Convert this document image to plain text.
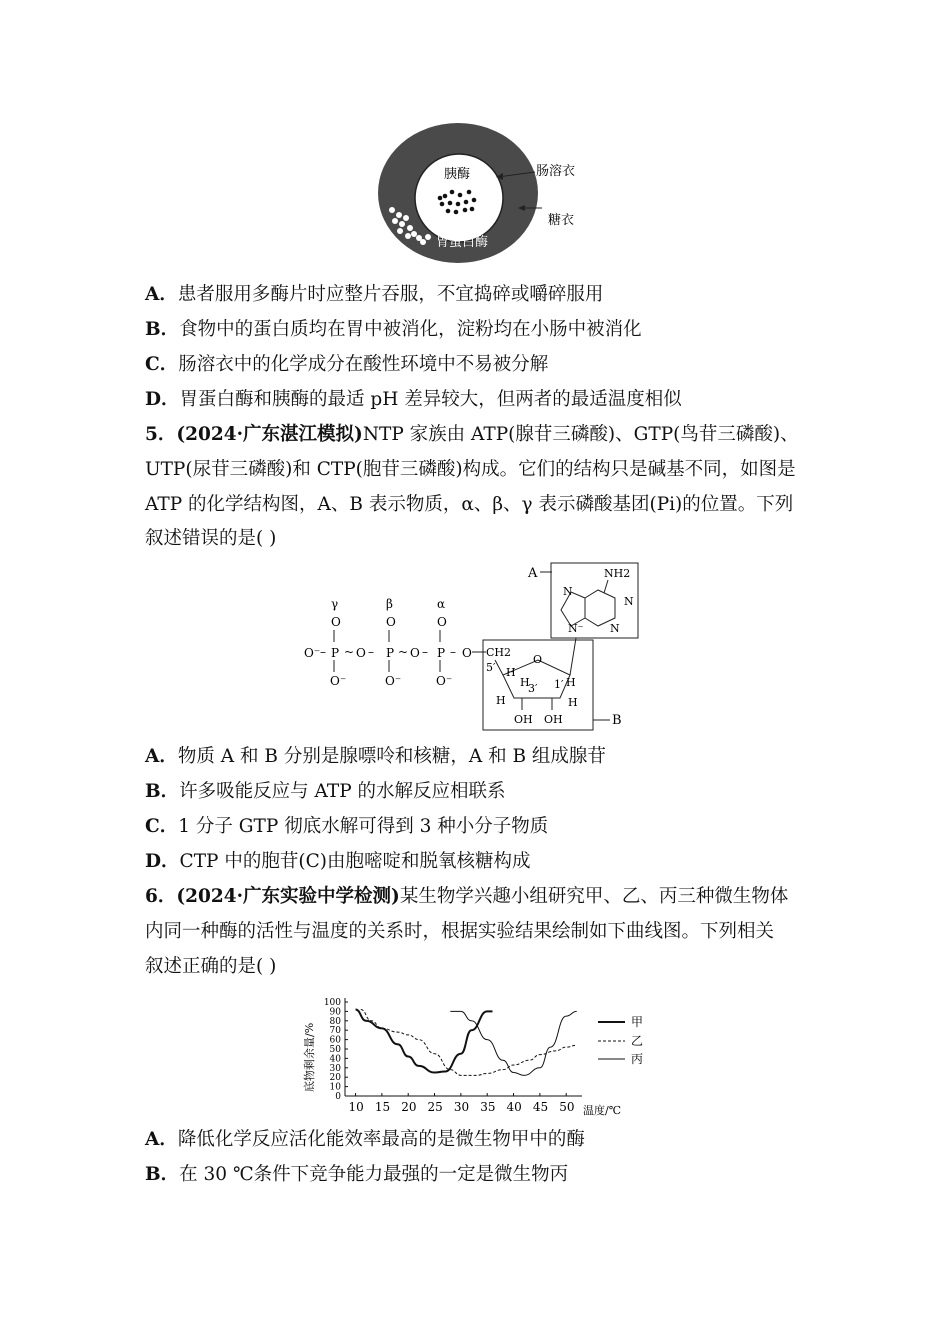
胰酶
胃蛋白酶
肠溶衣
糖衣
A．患者服用多酶片时应整片吞服，不宜捣碎或嚼碎服用
B．食物中的蛋白质均在胃中被消化，淀粉均在小肠中被消化
C．肠溶衣中的化学成分在酸性环境中不易被分解
D．胃蛋白酶和胰酶的最适 pH 差异较大，但两者的最适温度相似
5．(2024·广东湛江模拟)NTP 家族由 ATP(腺苷三磷酸)、GTP(鸟苷三磷酸)、
UTP(尿苷三磷酸)和 CTP(胞苷三磷酸)构成。它们的结构只是碱基不同，如图是
ATP 的化学结构图，A、B 表示物质，α、β、γ 表示磷酸基团(Pi)的位置。下列
叙述错误的是( )
A	NH2
N
N
N
N⁻
B
O
CH2
5′
3′ 1′
H
H	H
H	H
OH OH
γ	β	α
O	O	O
O⁻ – P ~ O – P ~ O – P – O
O⁻	O⁻	O⁻
A．物质 A 和 B 分别是腺嘌呤和核糖，A 和 B 组成腺苷
B．许多吸能反应与 ATP 的水解反应相联系
C．1 分子 GTP 彻底水解可得到 3 种小分子物质
D．CTP 中的胞苷(C)由胞嘧啶和脱氧核糖构成
6．(2024·广东实验中学检测)某生物学兴趣小组研究甲、乙、丙三种微生物体
内同一种酶的活性与温度的关系时，根据实验结果绘制如下曲线图。下列相关
叙述正确的是( )
底物剩余量/%
10 15 20 25 30 35 40 45 50
0
10
20
30
40
50
60
70
80
90
100
温度/℃
甲
乙
丙
A．降低化学反应活化能效率最高的是微生物甲中的酶
B．在 30 ℃条件下竞争能力最强的一定是微生物丙
